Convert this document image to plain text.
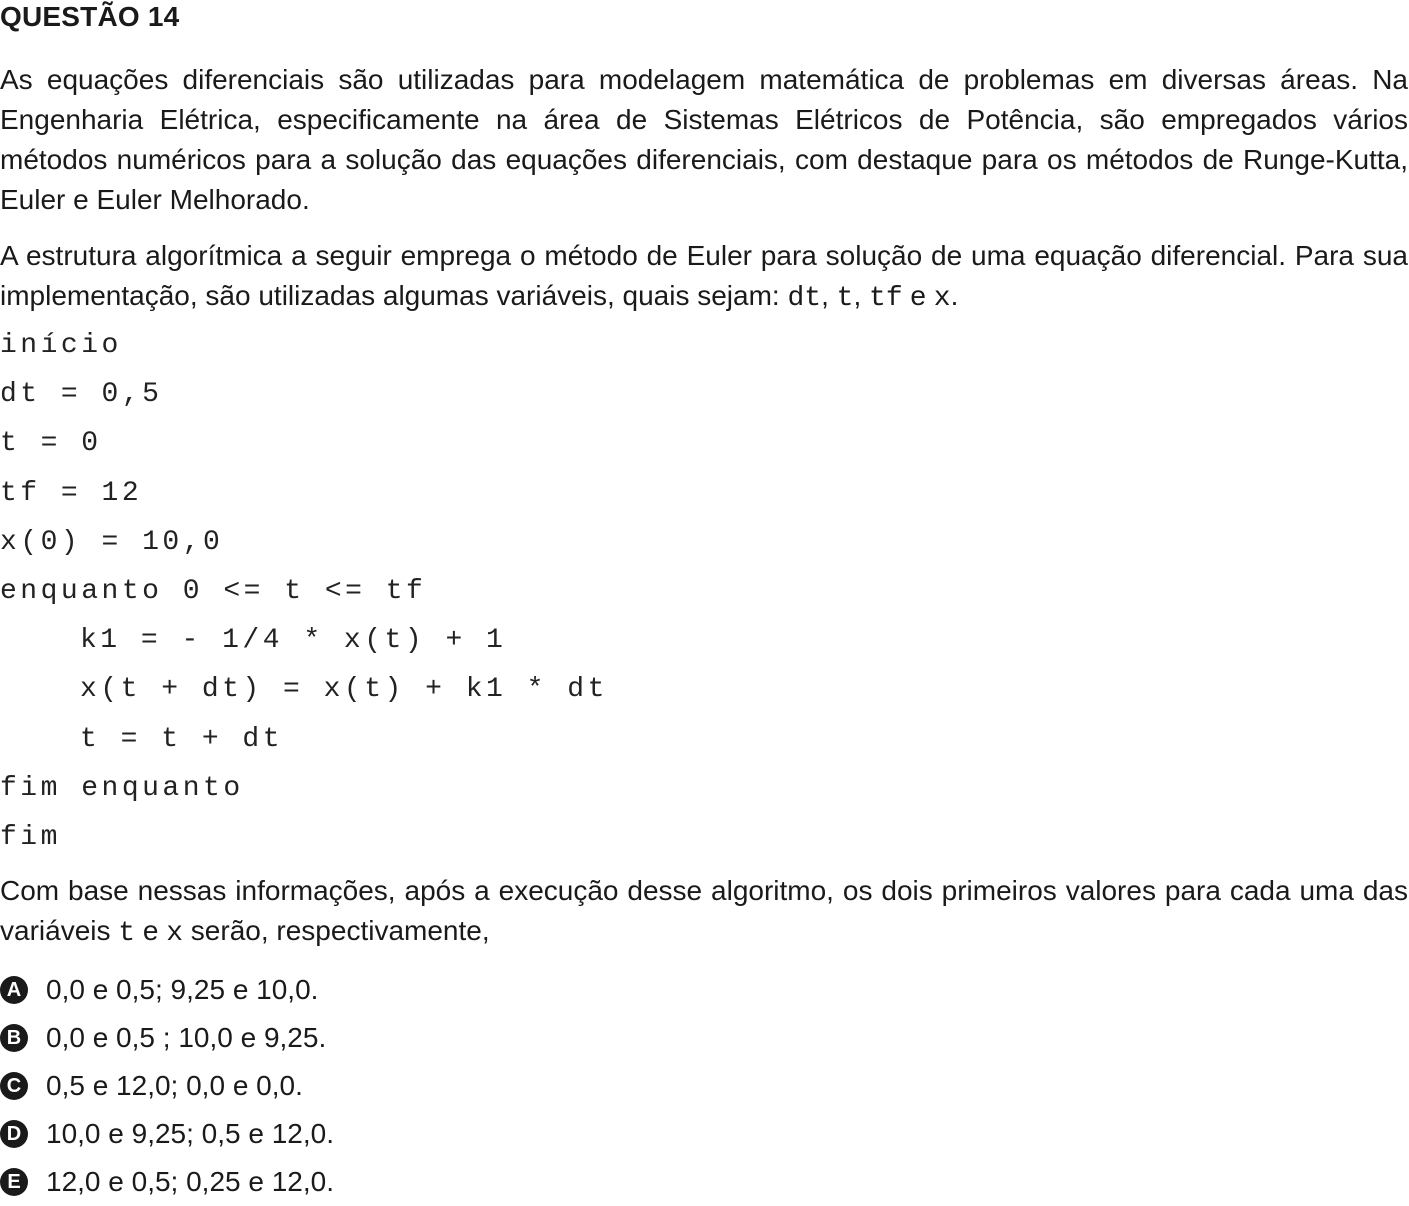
QUESTÃO 14

As equações diferenciais são utilizadas para modelagem matemática de problemas em diversas áreas. Na Engenharia Elétrica, especificamente na área de Sistemas Elétricos de Potência, são empregados vários métodos numéricos para a solução das equações diferenciais, com destaque para os métodos de Runge-Kutta, Euler e Euler Melhorado.

A estrutura algorítmica a seguir emprega o método de Euler para solução de uma equação diferencial. Para sua implementação, são utilizadas algumas variáveis, quais sejam: dt, t, tf e x.

início
dt = 0,5
t = 0
tf = 12
x(0) = 10,0
enquanto 0 <= t <= tf
k1 = - 1/4 * x(t) + 1
x(t + dt) = x(t) + k1 * dt
t = t + dt
fim enquanto
fim

Com base nessas informações, após a execução desse algoritmo, os dois primeiros valores para cada uma das variáveis t e x serão, respectivamente,

A 0,0 e 0,5; 9,25 e 10,0.
B 0,0 e 0,5 ; 10,0 e 9,25.
C 0,5 e 12,0; 0,0 e 0,0.
D 10,0 e 9,25; 0,5 e 12,0.
E 12,0 e 0,5; 0,25 e 12,0.
